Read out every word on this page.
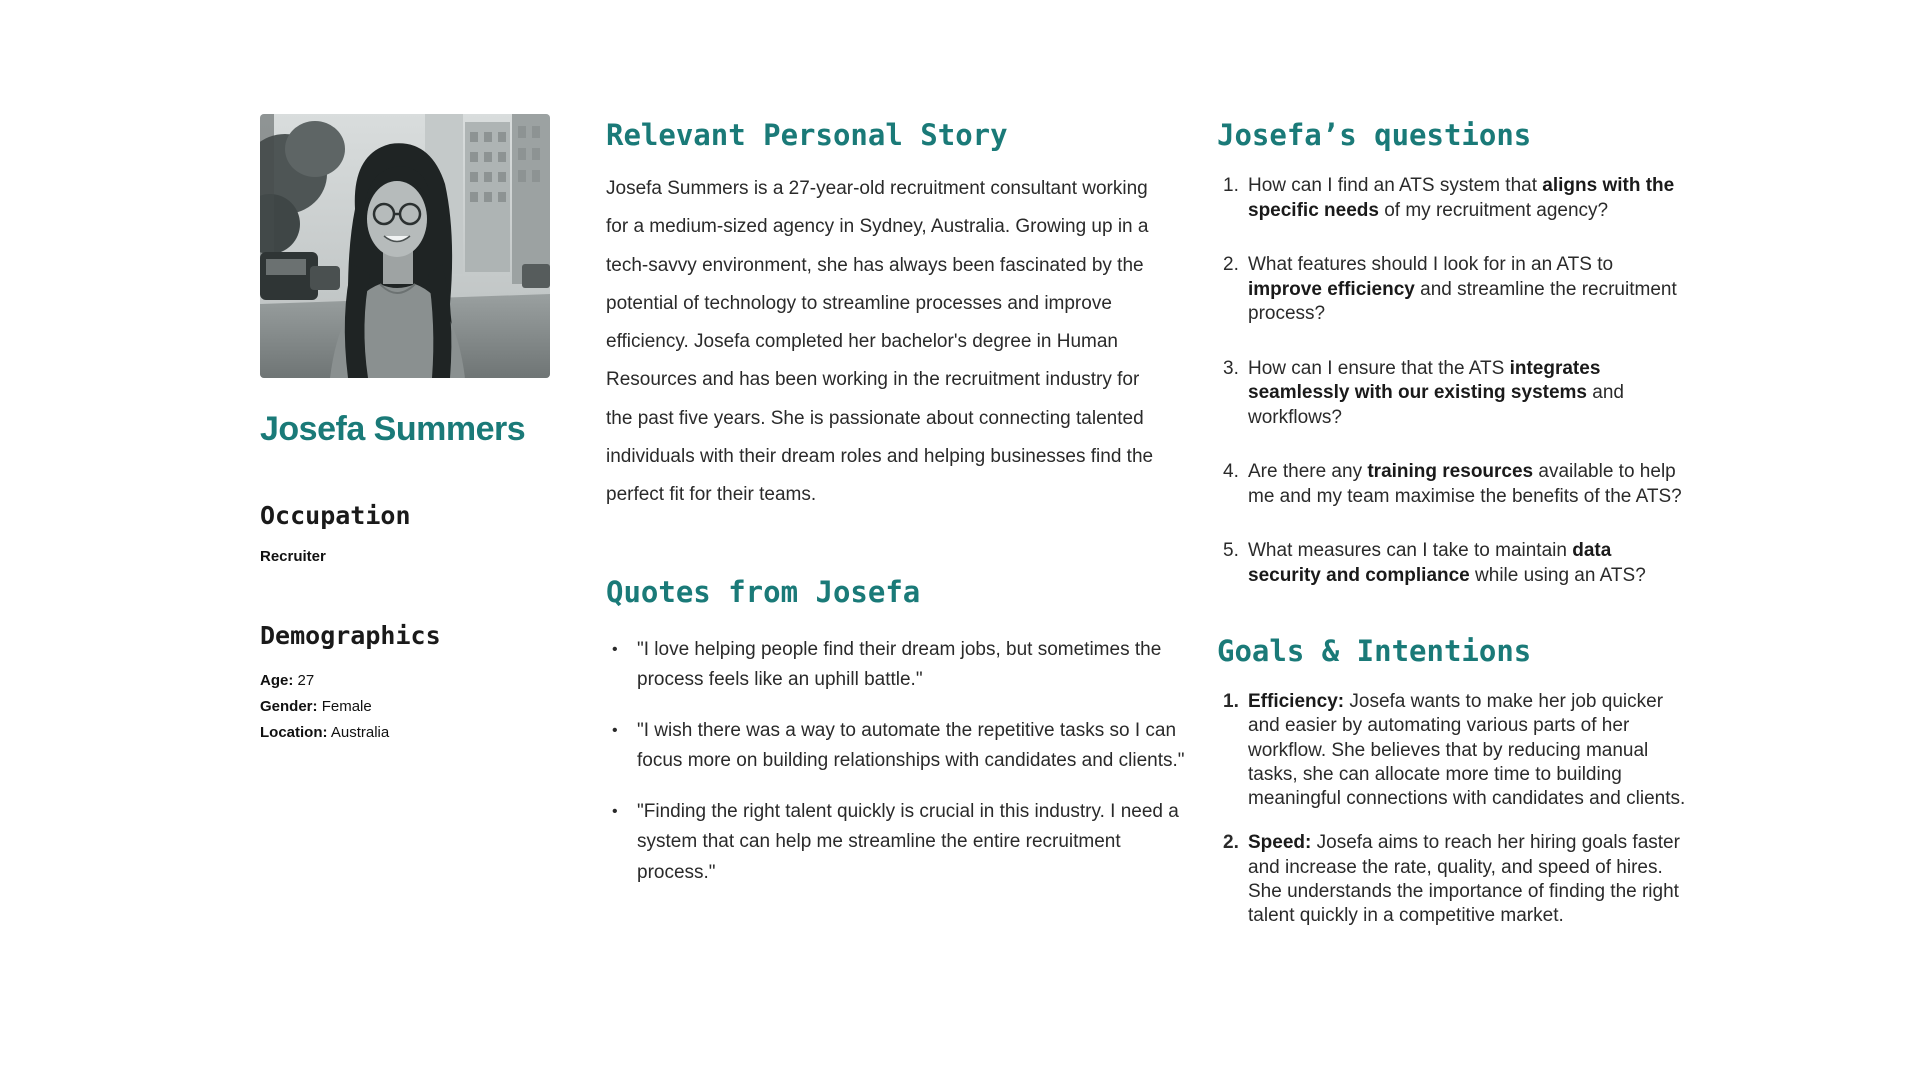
Josefa Summers
Occupation
Recruiter
Demographics
Age: 27
Gender: Female
Location: Australia
Relevant Personal Story

Josefa Summers is a 27-year-old recruitment consultant working for a medium-sized agency in Sydney, Australia. Growing up in a tech-savvy environment, she has always been fascinated by the potential of technology to streamline processes and improve efficiency. Josefa completed her bachelor's degree in Human Resources and has been working in the recruitment industry for the past five years. She is passionate about connecting talented individuals with their dream roles and helping businesses find the perfect fit for their teams.

Quotes from Josefa
• "I love helping people find their dream jobs, but sometimes the process feels like an uphill battle."
• "I wish there was a way to automate the repetitive tasks so I can focus more on building relationships with candidates and clients."
• "Finding the right talent quickly is crucial in this industry. I need a system that can help me streamline the entire recruitment process."
Josefa’s questions
1. How can I find an ATS system that aligns with the specific needs of my recruitment agency?
2. What features should I look for in an ATS to improve efficiency and streamline the recruitment process?
3. How can I ensure that the ATS integrates seamlessly with our existing systems and workflows?
4. Are there any training resources available to help me and my team maximise the benefits of the ATS?
5. What measures can I take to maintain data security and compliance while using an ATS?
Goals & Intentions
1. Efficiency: Josefa wants to make her job quicker and easier by automating various parts of her workflow. She believes that by reducing manual tasks, she can allocate more time to building meaningful connections with candidates and clients.
2. Speed: Josefa aims to reach her hiring goals faster and increase the rate, quality, and speed of hires. She understands the importance of finding the right talent quickly in a competitive market.
